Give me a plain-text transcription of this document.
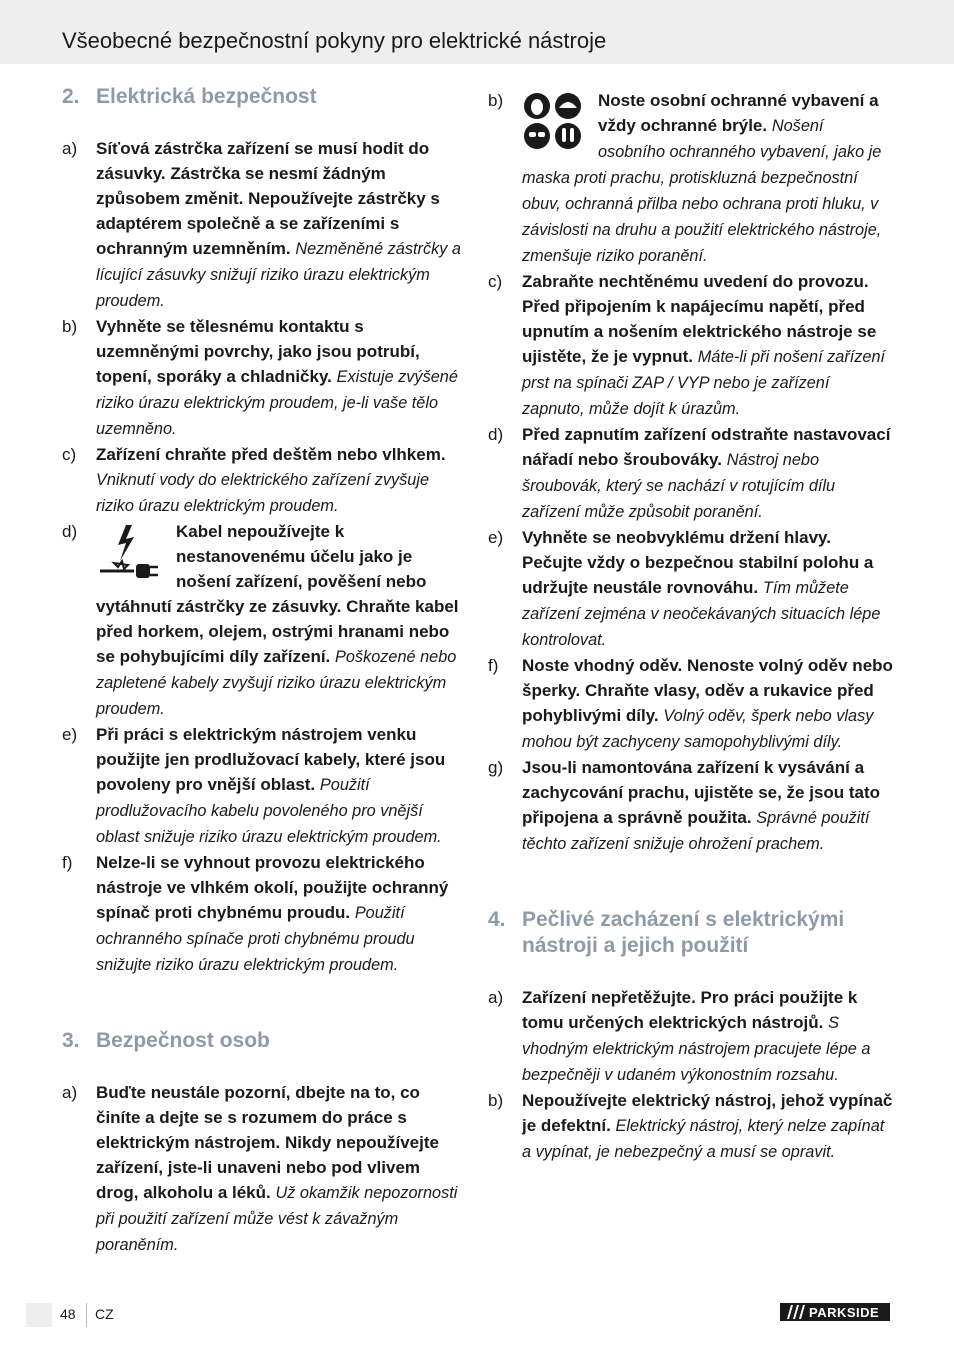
Všeobecné bezpečnostní pokyny pro elektrické nástroje
2. Elektrická bezpečnost
a)	Síťová zástrčka zařízení se musí hodit do zásuvky. Zástrčka se nesmí žádným způsobem změnit. Nepoužívejte zástrčky s adaptérem společně a se zařízeními s ochranným uzemněním. Nezměněné zástrčky a lícující zásuvky snižují riziko úrazu elektrickým proudem.
b)	Vyhněte se tělesnému kontaktu s uzemněnými povrchy, jako jsou potrubí, topení, sporáky a chladničky. Existuje zvýšené riziko úrazu elektrickým proudem, je-li vaše tělo uzemněno.
c)	Zařízení chraňte před deštěm nebo vlhkem. Vniknutí vody do elektrického zařízení zvyšuje riziko úrazu elektrickým proudem.
d)	Kabel nepoužívejte k nestanovenému účelu jako je nošení zařízení, pověšení nebo vytáhnutí zástrčky ze zásuvky. Chraňte kabel před horkem, olejem, ostrými hranami nebo se pohybujícími díly zařízení. Poškozené nebo zapletené kabely zvyšují riziko úrazu elektrickým proudem.
e)	Při práci s elektrickým nástrojem venku použijte jen prodlužovací kabely, které jsou povoleny pro vnější oblast. Použití prodlužovacího kabelu povoleného pro vnější oblast snižuje riziko úrazu elektrickým proudem.
f)	Nelze-li se vyhnout provozu elektrického nástroje ve vlhkém okolí, použijte ochranný spínač proti chybnému proudu. Použití ochranného spínače proti chybnému proudu snižujte riziko úrazu elektrickým proudem.
3. Bezpečnost osob
a)	Buďte neustále pozorní, dbejte na to, co činíte a dejte se s rozumem do práce s elektrickým nástrojem. Nikdy nepoužívejte zařízení, jste-li unaveni nebo pod vlivem drog, alkoholu a léků. Už okamžik nepozornosti při použití zařízení může vést k závažným poraněním.
b)	Noste osobní ochranné vybavení a vždy ochranné brýle. Nošení osobního ochranného vybavení, jako je maska proti prachu, protiskluzná bezpečnostní obuv, ochranná přilba nebo ochrana proti hluku, v závislosti na druhu a použití elektrického nástroje, zmenšuje riziko poranění.
c)	Zabraňte nechtěnému uvedení do provozu. Před připojením k napájecímu napětí, před upnutím a nošením elektrického nástroje se ujistěte, že je vypnut. Máte-li při nošení zařízení prst na spínači ZAP / VYP nebo je zařízení zapnuto, může dojít k úrazům.
d)	Před zapnutím zařízení odstraňte nastavovací nářadí nebo šroubováky. Nástroj nebo šroubovák, který se nachází v rotujícím dílu zařízení může způsobit poranění.
e)	Vyhněte se neobvyklému držení hlavy. Pečujte vždy o bezpečnou stabilní polohu a udržujte neustále rovnováhu. Tím můžete zařízení zejména v neočekávaných situacích lépe kontrolovat.
f)	Noste vhodný oděv. Nenoste volný oděv nebo šperky. Chraňte vlasy, oděv a rukavice před pohyblivými díly. Volný oděv, šperk nebo vlasy mohou být zachyceny samopohyblivými díly.
g)	Jsou-li namontována zařízení k vysávání a zachycování prachu, ujistěte se, že jsou tato připojena a správně použita. Správné použití těchto zařízení snižuje ohrožení prachem.
4. Pečlivé zacházení s elektrickými nástroji a jejich použití
a)	Zařízení nepřetěžujte. Pro práci použijte k tomu určených elektrických nástrojů. S vhodným elektrickým nástrojem pracujete lépe a bezpečněji v udaném výkonostním rozsahu.
b)	Nepoužívejte elektrický nástroj, jehož vypínač je defektní. Elektrický nástroj, který nelze zapínat a vypínat, je nebezpečný a musí se opravit.
48 CZ	PARKSIDE
